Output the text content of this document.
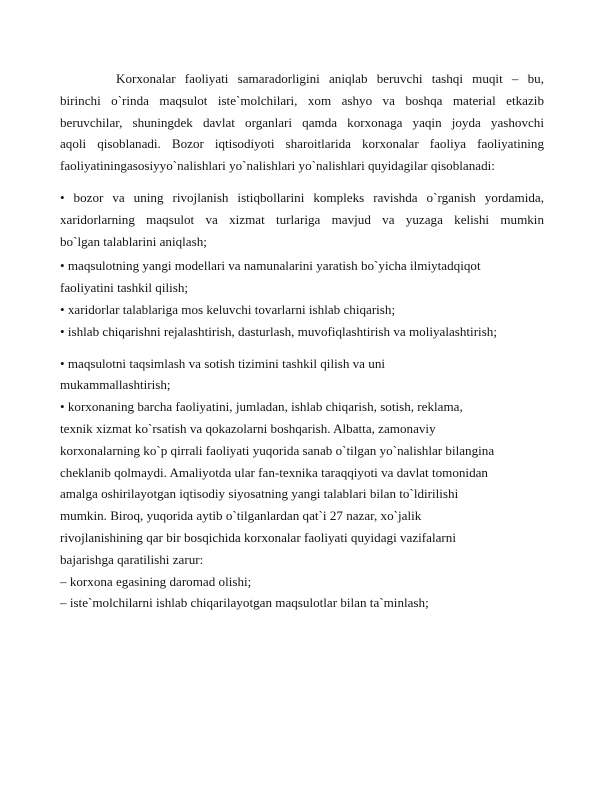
Korxonalar faoliyati samaradorligini aniqlab beruvchi tashqi muqit – bu,
birinchi o`rinda maqsulot iste`molchilari, xom ashyo va boshqa material etkazib
beruvchilar, shuningdek davlat organlari qamda korxonaga yaqin joyda yashovchi
aqoli qisoblanadi. Bozor iqtisodiyoti sharoitlarida korxonalar faoliya faoliyatining
faoliyatiningasosiyyo`nalishlari yo`nalishlari yo`nalishlari quyidagilar qisoblanadi:
• bozor va uning rivojlanish istiqbollarini kompleks ravishda o`rganish yordamida,
xaridorlarning maqsulot va xizmat turlariga mavjud va yuzaga kelishi mumkin
bo`lgan talablarini aniqlash;
• maqsulotning yangi modellari va namunalarini yaratish bo`yicha ilmiytadqiqot
faoliyatini tashkil qilish;
• xaridorlar talablariga mos keluvchi tovarlarni ishlab chiqarish;
• ishlab chiqarishni rejalashtirish, dasturlash, muvofiqlashtirish va moliyalashtirish;
• maqsulotni taqsimlash va sotish tizimini tashkil qilish va uni
mukammallashtirish;
• korxonaning barcha faoliyatini, jumladan, ishlab chiqarish, sotish, reklama,
texnik xizmat ko`rsatish va qokazolarni boshqarish. Albatta, zamonaviy
korxonalarning ko`p qirrali faoliyati yuqorida sanab o`tilgan yo`nalishlar bilangina
cheklanib qolmaydi. Amaliyotda ular fan-texnika taraqqiyoti va davlat tomonidan
amalga oshirilayotgan iqtisodiy siyosatning yangi talablari bilan to`ldirilishi
mumkin. Biroq, yuqorida aytib o`tilganlardan qat`i 27 nazar, xo`jalik
rivojlanishining qar bir bosqichida korxonalar faoliyati quyidagi vazifalarni
bajarishga qaratilishi zarur:
‒ korxona egasining daromad olishi;
‒ iste`molchilarni ishlab chiqarilayotgan maqsulotlar bilan ta`minlash;
